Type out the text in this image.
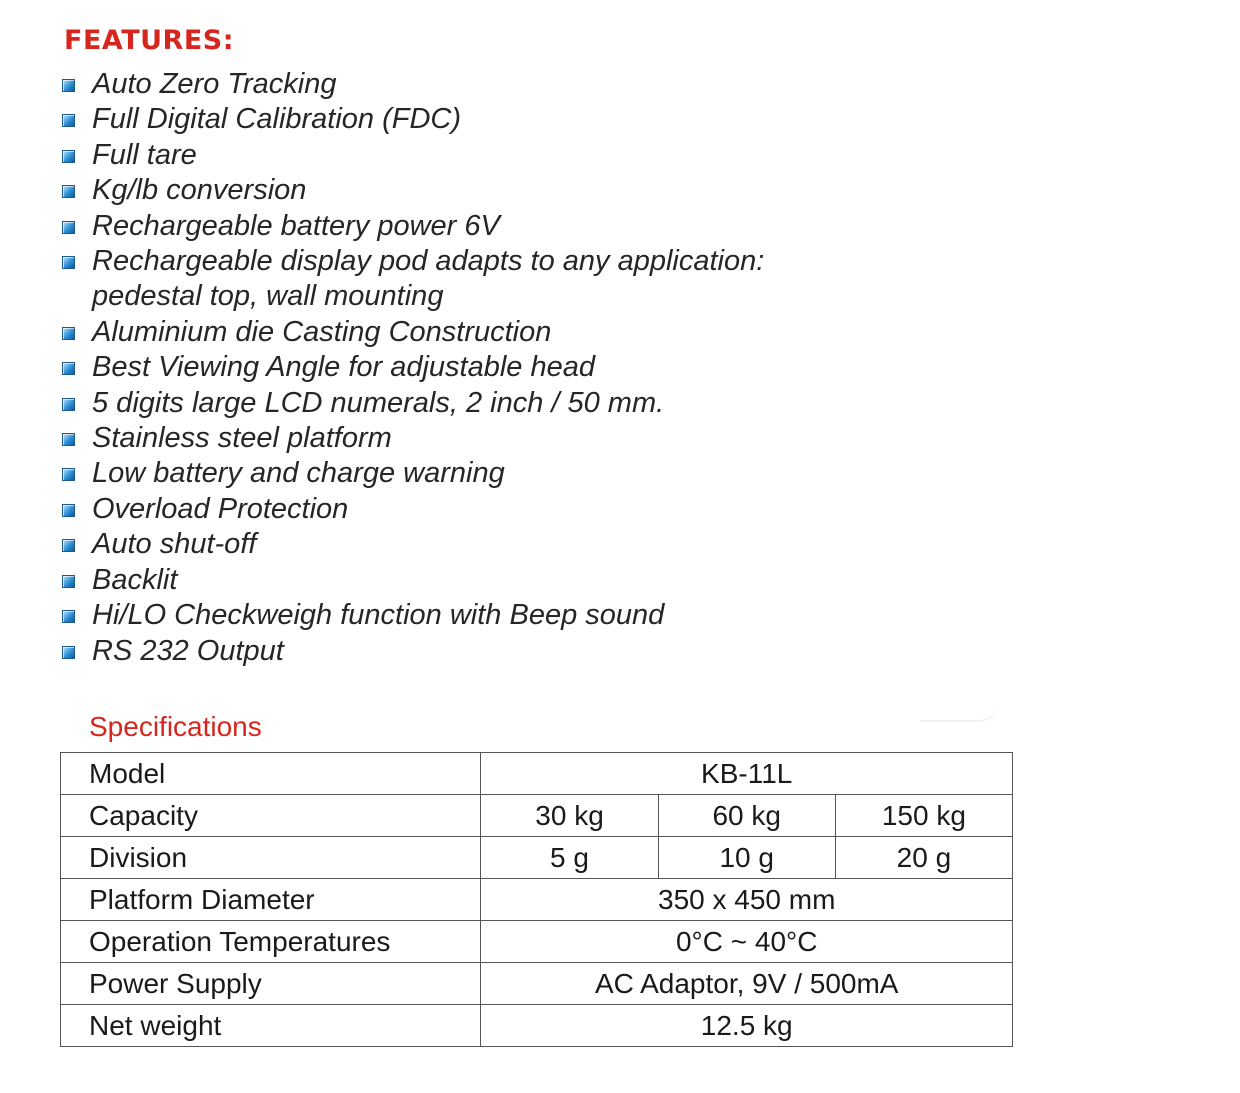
FEATURES:
Auto Zero Tracking
Full Digital Calibration (FDC)
Full tare
Kg/lb conversion
Rechargeable battery power 6V
Rechargeable display pod adapts to any application:
pedestal top, wall mounting
Aluminium die Casting Construction
Best Viewing Angle for adjustable head
5 digits large LCD numerals, 2 inch / 50 mm.
Stainless steel platform
Low battery and charge warning
Overload Protection
Auto shut-off
Backlit
Hi/LO Checkweigh function with Beep sound
RS 232 Output
Specifications
Model	KB-11L		
Capacity	30 kg	60 kg	150 kg
Division	5 g	10 g	20 g
Platform Diameter	350 x 450 mm		
Operation Temperatures	0°C ~ 40°C		
Power Supply	AC Adaptor, 9V / 500mA		
Net weight	12.5 kg		
